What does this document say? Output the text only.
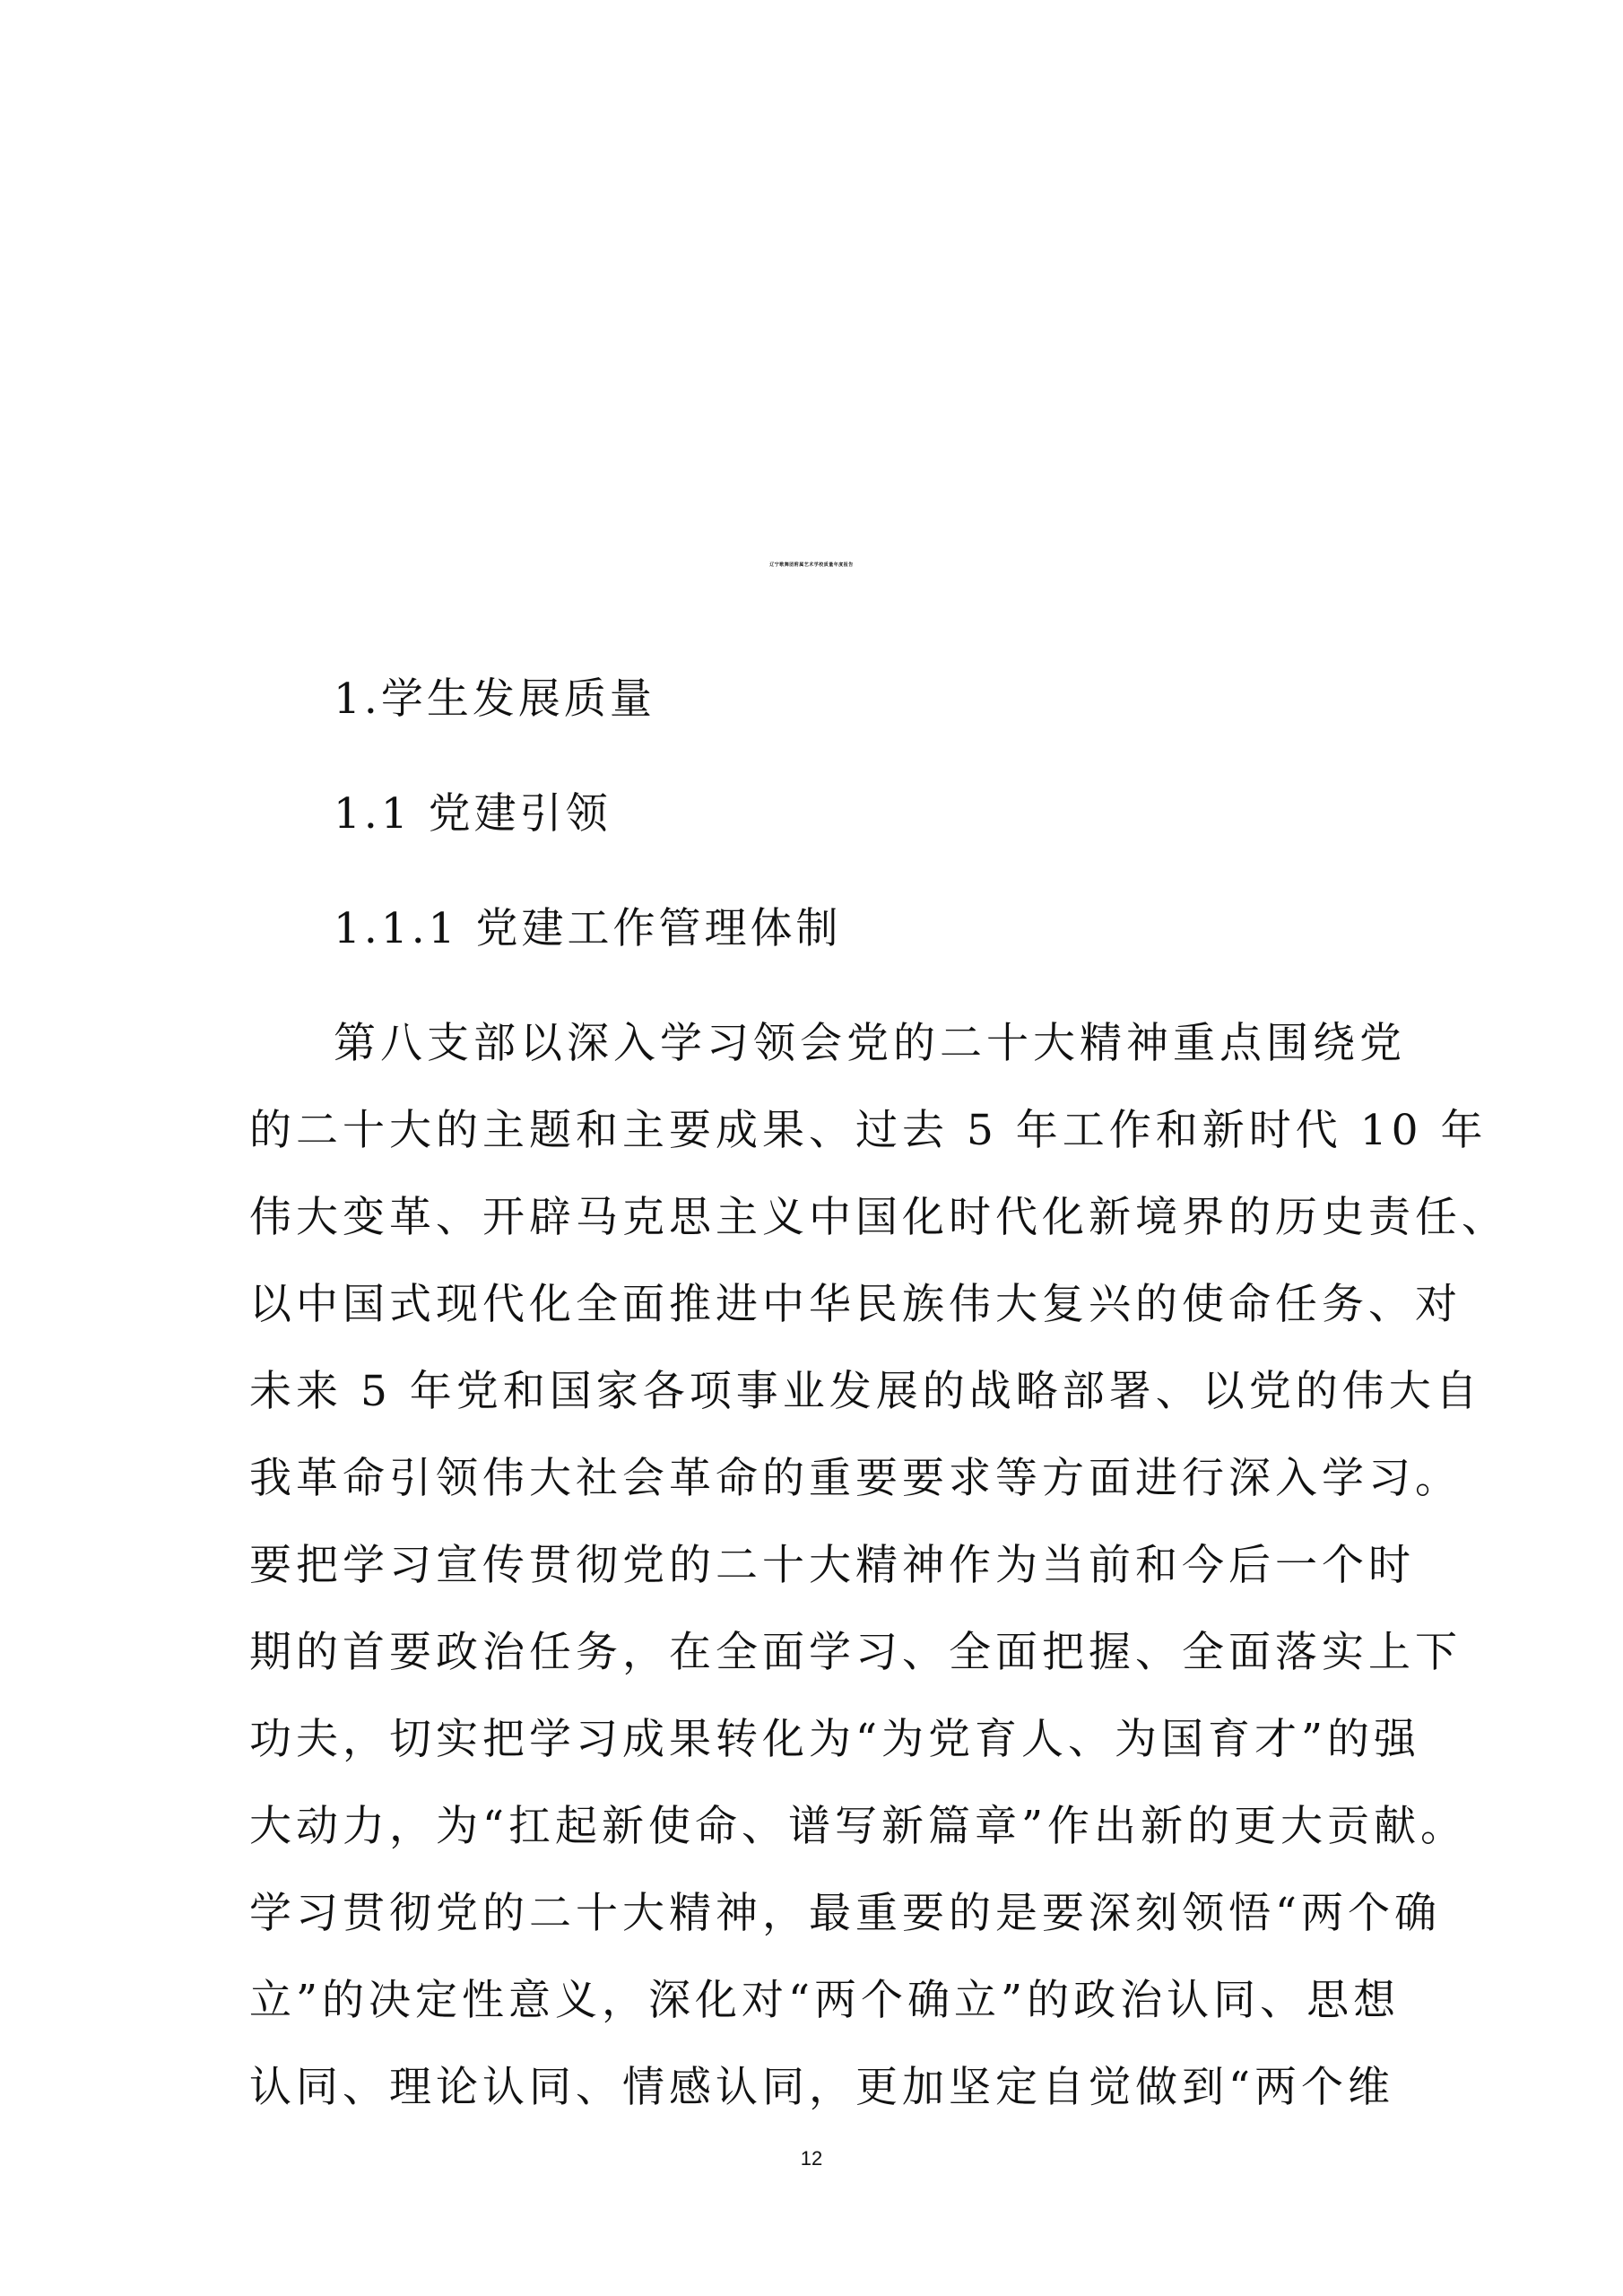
辽宁歌舞团附属艺术学校质量年度报告
1.学生发展质量
1.1 党建引领
1.1.1 党建工作管理体制
第八支部以深入学习领会党的二十大精神重点围绕党
的二十大的主题和主要成果、过去 5 年工作和新时代 10 年
伟大变革、开辟马克思主义中国化时代化新境界的历史责任、
以中国式现代化全面推进中华民族伟大复兴的使命任务、对
未来 5 年党和国家各项事业发展的战略部署、以党的伟大自
我革命引领伟大社会革命的重要要求等方面进行深入学习。
要把学习宣传贯彻党的二十大精神作为当前和今后一个时
期的首要政治任务，在全面学习、全面把握、全面落实上下
功夫，切实把学习成果转化为“为党育人、为国育才”的强
大动力，为“扛起新使命、谱写新篇章”作出新的更大贡献。
学习贯彻党的二十大精神，最重要的是要深刻领悟“两个确
立”的决定性意义，深化对“两个确立”的政治认同、思想
认同、理论认同、情感认同，更加坚定自觉做到“两个维
12
